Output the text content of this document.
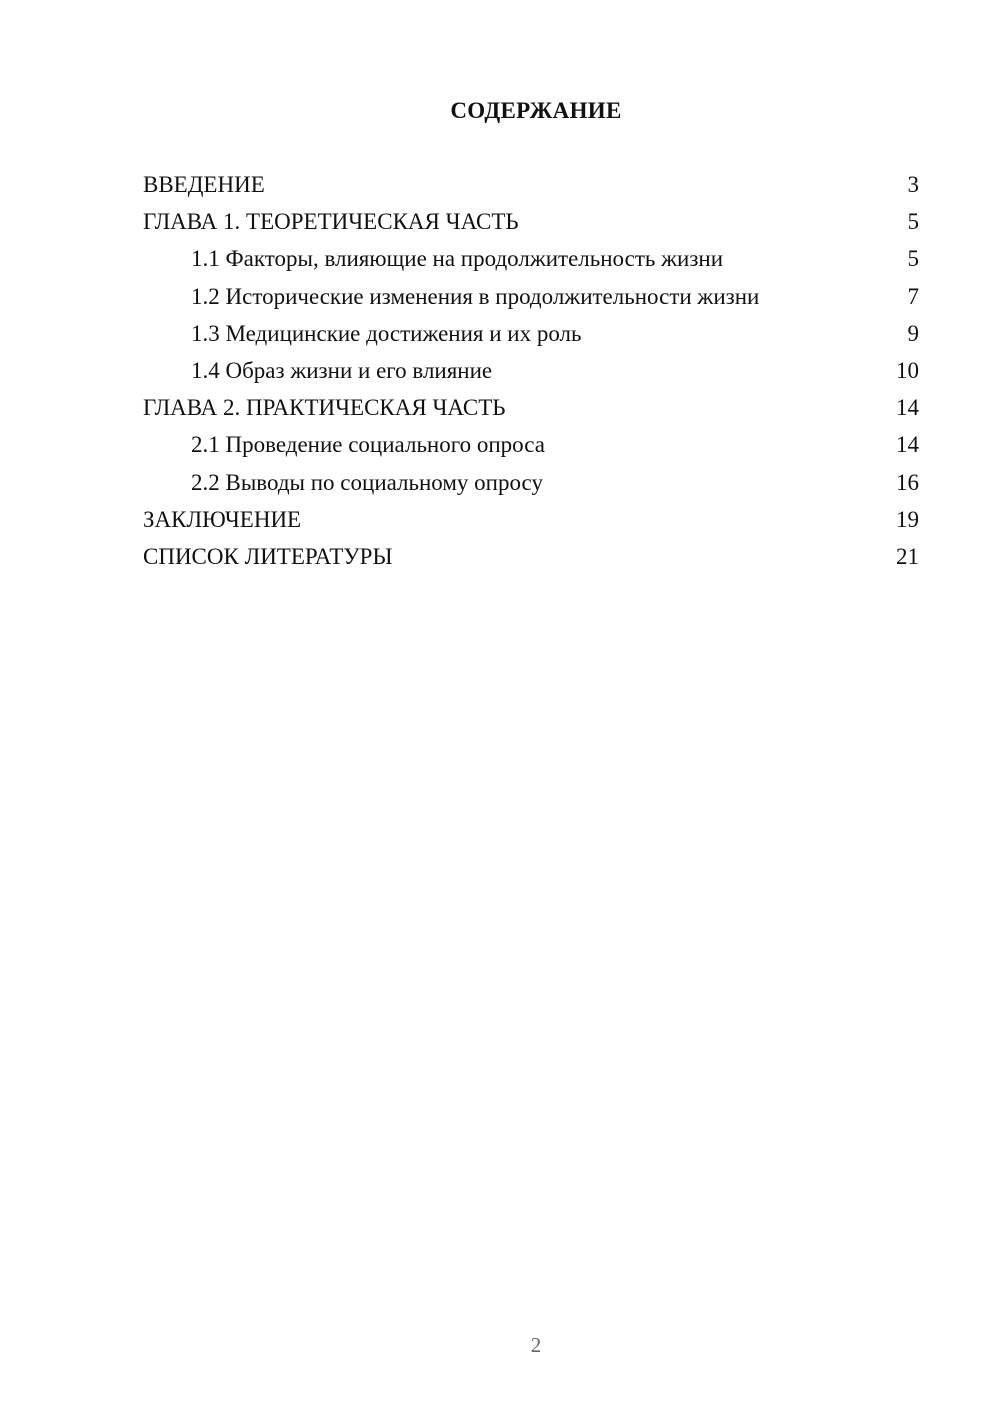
СОДЕРЖАНИЕ
ВВЕДЕНИЕ	3
ГЛАВА 1. ТЕОРЕТИЧЕСКАЯ ЧАСТЬ	5
1.1 Факторы, влияющие на продолжительность жизни	5
1.2 Исторические изменения в продолжительности жизни	7
1.3 Медицинские достижения и их роль	9
1.4 Образ жизни и его влияние	10
ГЛАВА 2. ПРАКТИЧЕСКАЯ ЧАСТЬ	14
2.1 Проведение социального опроса	14
2.2 Выводы по социальному опросу	16
ЗАКЛЮЧЕНИЕ	19
СПИСОК ЛИТЕРАТУРЫ	21
2
